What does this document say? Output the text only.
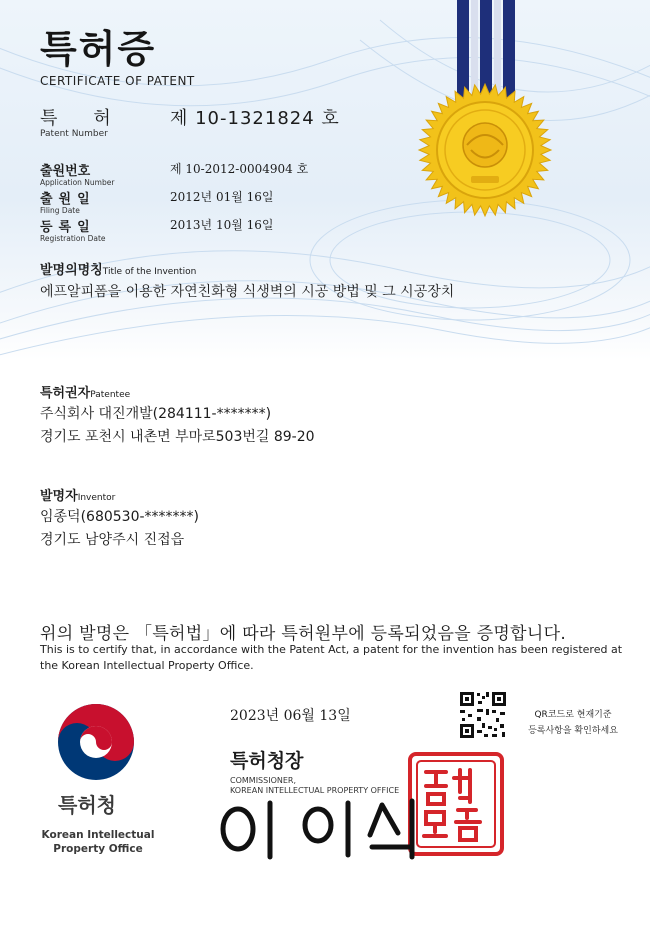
특허증
CERTIFICATE OF PATENT
특허
Patent Number
제 10-1321824 호
출원번호
Application Number
제 10-2012-0004904 호
출원일
Filing Date
2012년 01월 16일
등록일
Registration Date
2013년 10월 16일
발명의명칭Title of the Invention
에프알피폼을 이용한 자연친화형 식생벽의 시공 방법 및 그 시공장치
특허권자Patentee
주식회사 대진개발(284111-*******)
경기도 포천시 내촌면 부마로503번길 89-20
발명자Inventor
임종덕(680530-*******)
경기도 남양주시 진접읍
위의 발명은 「특허법」에 따라 특허원부에 등록되었음을 증명합니다.
This is to certify that, in accordance with the Patent Act, a patent for the invention has been registered at the Korean Intellectual Property Office.
특허청
Korean Intellectual
Property Office
2023년 06월 13일	QR코드로 현재기준
등록사항을 확인하세요
특허청장
COMMISSIONER,
KOREAN INTELLECTUAL PROPERTY OFFICE
